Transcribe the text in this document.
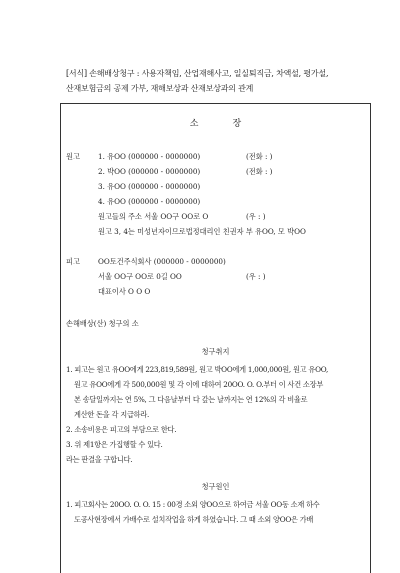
[서식] 손해배상청구 : 사용자책임, 산업재해사고, 일실퇴직금, 차액설, 평가설,
산재보험금의 공제 가부, 재해보상과 산재보상과의 관계
소장
원고	1. 유OO (000000 - 0000000)	(전화 : )
2. 박OO (000000 - 0000000)	(전화 : )
3. 유OO (000000 - 0000000)
4. 유OO (000000 - 0000000)
원고들의 주소 서울 OO구 OO로 O	(우 : )
원고 3, 4는 미성년자이므로법정대리인 친권자 부 유OO, 모 박OO
피고	OO토건주식회사 (000000 - 0000000)
서울 OO구 OO로 0길 OO	(우 : )
대표이사 O O O
손해배상(산) 청구의 소
청구취지
1. 피고는 원고 유OO에게 223,819,589원, 원고 박OO에게 1,000,000원, 원고 유OO,
원고 유OO에게 각 500,000원 및 각 이에 대하여 20OO. O. O.부터 이 사건 소장부
본 송달일까지는 연 5%, 그 다음날부터 다 갚는 날까지는 연 12%의 각 비율로
계산한 돈을 각 지급하라.
2. 소송비용은 피고의 부담으로 한다.
3. 위 제1항은 가집행할 수 있다.
라는 판결을 구합니다.
청구원인
1. 피고회사는 20OO. O. O. 15 : 00경 소외 양OO으로 하여금 서울 OO동 소재 하수
도공사현장에서 가배수로 설치작업을 하게 하였습니다. 그 때 소외 양OO은 가배
